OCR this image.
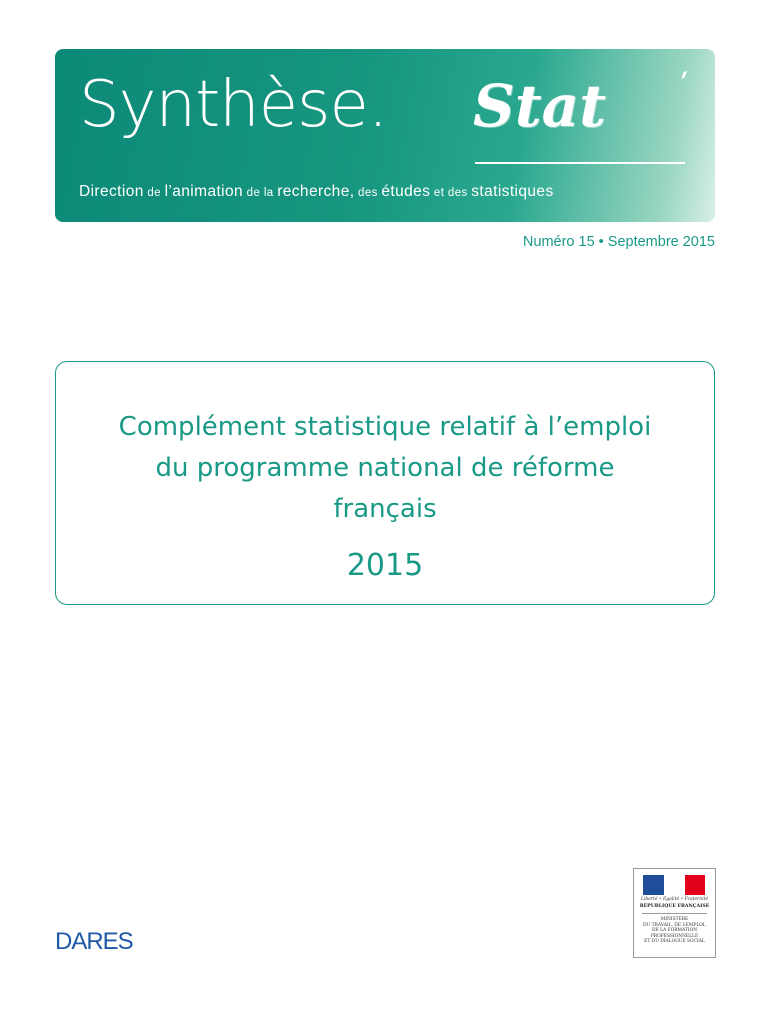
Synthèse. Stat ´
Direction de l’animation de la recherche, des études et des statistiques
Numéro 15 • Septembre 2015
Complément statistique relatif à l’emploi
du programme national de réforme
français
2015
DARES
Liberté • Égalité • Fraternité
RÉPUBLIQUE FRANÇAISE
MINISTÈRE
DU TRAVAIL, DE L’EMPLOI,
DE LA FORMATION
PROFESSIONNELLE
ET DU DIALOGUE SOCIAL
